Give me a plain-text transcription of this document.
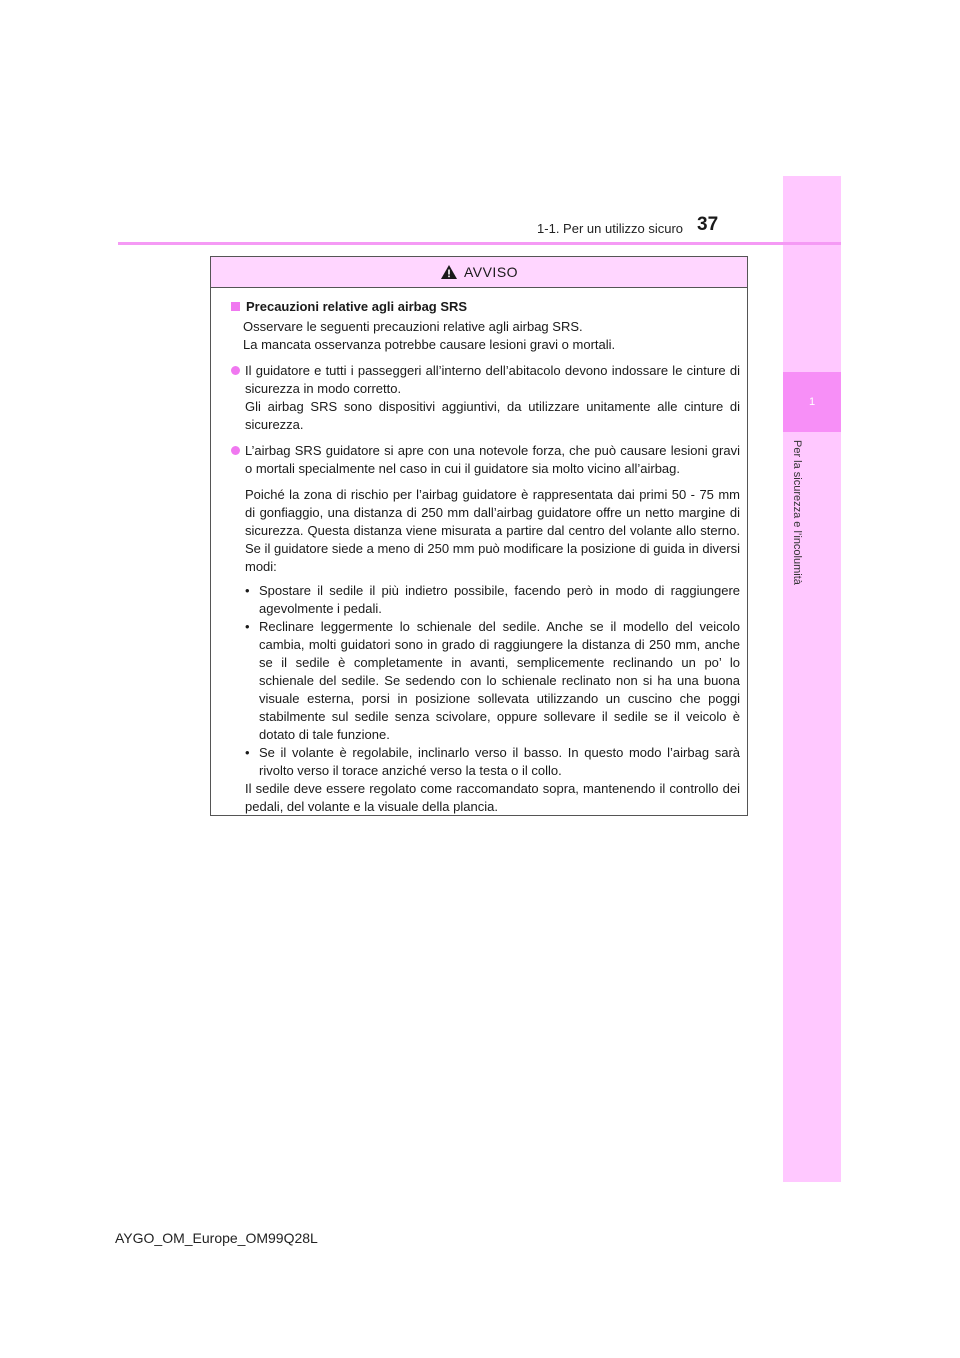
1
Per la sicurezza e l’incolumità
1-1. Per un utilizzo sicuro 37
AVVISO
Precauzioni relative agli airbag SRS
Osservare le seguenti precauzioni relative agli airbag SRS.
La mancata osservanza potrebbe causare lesioni gravi o mortali.
Il guidatore e tutti i passeggeri all’interno dell’abitacolo devono indossare le cinture di sicurezza in modo corretto.
Gli airbag SRS sono dispositivi aggiuntivi, da utilizzare unitamente alle cinture di sicurezza.
L’airbag SRS guidatore si apre con una notevole forza, che può causare lesioni gravi o mortali specialmente nel caso in cui il guidatore sia molto vicino all’airbag.
Poiché la zona di rischio per l’airbag guidatore è rappresentata dai primi 50 - 75 mm di gonfiaggio, una distanza di 250 mm dall’airbag guidatore offre un netto margine di sicurezza. Questa distanza viene misurata a partire dal centro del volante allo sterno. Se il guidatore siede a meno di 250 mm può modificare la posizione di guida in diversi modi:
• Spostare il sedile il più indietro possibile, facendo però in modo di raggiungere agevolmente i pedali.
• Reclinare leggermente lo schienale del sedile. Anche se il modello del veicolo cambia, molti guidatori sono in grado di raggiungere la distanza di 250 mm, anche se il sedile è completamente in avanti, semplicemente reclinando un po’ lo schienale del sedile. Se sedendo con lo schienale reclinato non si ha una buona visuale esterna, porsi in posizione sollevata utilizzando un cuscino che poggi stabilmente sul sedile senza scivolare, oppure sollevare il sedile se il veicolo è dotato di tale funzione.
• Se il volante è regolabile, inclinarlo verso il basso. In questo modo l’airbag sarà rivolto verso il torace anziché verso la testa o il collo.
Il sedile deve essere regolato come raccomandato sopra, mantenendo il controllo dei pedali, del volante e la visuale della plancia.
AYGO_OM_Europe_OM99Q28L
